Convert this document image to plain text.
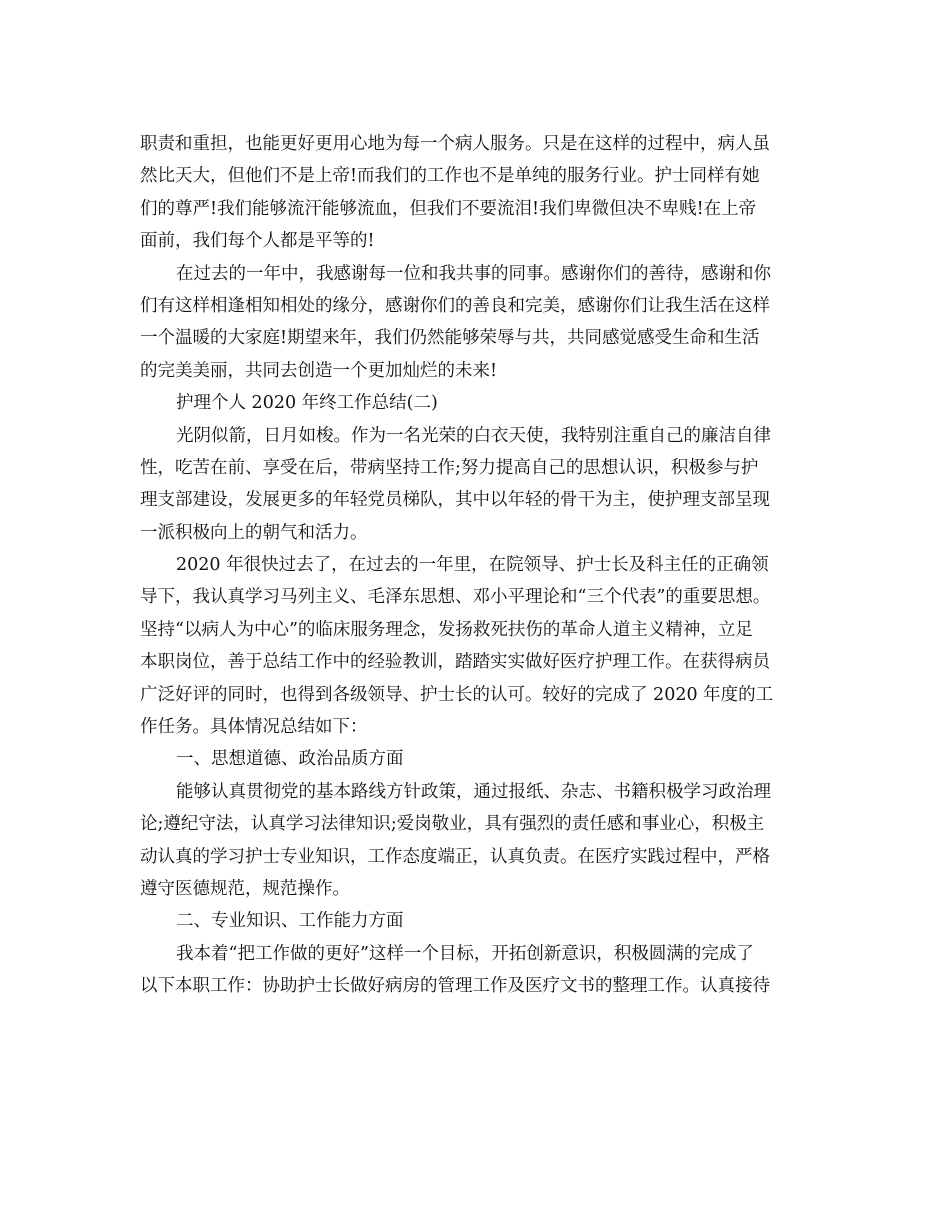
职责和重担，也能更好更用心地为每一个病人服务。只是在这样的过程中，病人虽
然比天大，但他们不是上帝!而我们的工作也不是单纯的服务行业。护士同样有她
们的尊严!我们能够流汗能够流血，但我们不要流泪!我们卑微但决不卑贱!在上帝
面前，我们每个人都是平等的!
在过去的一年中，我感谢每一位和我共事的同事。感谢你们的善待，感谢和你
们有这样相逢相知相处的缘分，感谢你们的善良和完美，感谢你们让我生活在这样
一个温暖的大家庭!期望来年，我们仍然能够荣辱与共，共同感觉感受生命和生活
的完美美丽，共同去创造一个更加灿烂的未来!
护理个人 2020 年终工作总结(二)
光阴似箭，日月如梭。作为一名光荣的白衣天使，我特别注重自己的廉洁自律
性，吃苦在前、享受在后，带病坚持工作;努力提高自己的思想认识，积极参与护
理支部建设，发展更多的年轻党员梯队，其中以年轻的骨干为主，使护理支部呈现
一派积极向上的朝气和活力。
2020 年很快过去了，在过去的一年里，在院领导、护士长及科主任的正确领
导下，我认真学习马列主义、毛泽东思想、邓小平理论和“三个代表”的重要思想。
坚持“以病人为中心”的临床服务理念，发扬救死扶伤的革命人道主义精神，立足
本职岗位，善于总结工作中的经验教训，踏踏实实做好医疗护理工作。在获得病员
广泛好评的同时，也得到各级领导、护士长的认可。较好的完成了 2020 年度的工
作任务。具体情况总结如下：
一、思想道德、政治品质方面
能够认真贯彻党的基本路线方针政策，通过报纸、杂志、书籍积极学习政治理
论;遵纪守法，认真学习法律知识;爱岗敬业，具有强烈的责任感和事业心，积极主
动认真的学习护士专业知识，工作态度端正，认真负责。在医疗实践过程中，严格
遵守医德规范，规范操作。
二、专业知识、工作能力方面
我本着“把工作做的更好”这样一个目标，开拓创新意识，积极圆满的完成了
以下本职工作：协助护士长做好病房的管理工作及医疗文书的整理工作。认真接待
